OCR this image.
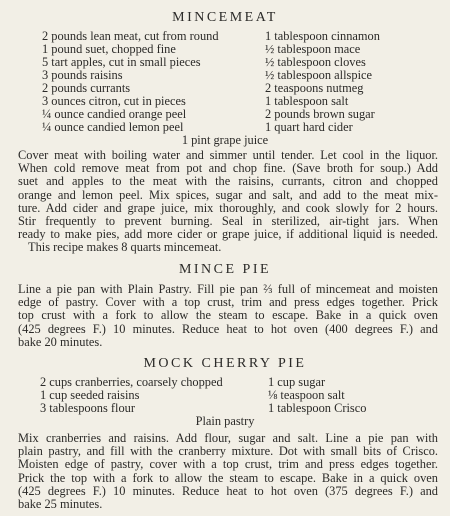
MINCEMEAT
2 pounds lean meat, cut from round
1 pound suet, chopped fine
5 tart apples, cut in small pieces
3 pounds raisins
2 pounds currants
3 ounces citron, cut in pieces
¼ ounce candied orange peel
¼ ounce candied lemon peel
1 tablespoon cinnamon
½ tablespoon mace
½ tablespoon cloves
½ tablespoon allspice
2 teaspoons nutmeg
1 tablespoon salt
2 pounds brown sugar
1 quart hard cider
1 pint grape juice
Cover meat with boiling water and simmer until tender. Let cool in the liquor.
When cold remove meat from pot and chop fine. (Save broth for soup.) Add
suet and apples to the meat with the raisins, currants, citron and chopped
orange and lemon peel. Mix spices, sugar and salt, and add to the meat mix-
ture. Add cider and grape juice, mix thoroughly, and cook slowly for 2 hours.
Stir frequently to prevent burning. Seal in sterilized, air-tight jars. When
ready to make pies, add more cider or grape juice, if additional liquid is needed.
This recipe makes 8 quarts mincemeat.
MINCE PIE
Line a pie pan with Plain Pastry. Fill pie pan ⅔ full of mincemeat and moisten
edge of pastry. Cover with a top crust, trim and press edges together. Prick
top crust with a fork to allow the steam to escape. Bake in a quick oven
(425 degrees F.) 10 minutes. Reduce heat to hot oven (400 degrees F.) and
bake 20 minutes.
MOCK CHERRY PIE
2 cups cranberries, coarsely chopped
1 cup seeded raisins
3 tablespoons flour
1 cup sugar
⅛ teaspoon salt
1 tablespoon Crisco
Plain pastry
Mix cranberries and raisins. Add flour, sugar and salt. Line a pie pan with
plain pastry, and fill with the cranberry mixture. Dot with small bits of Crisco.
Moisten edge of pastry, cover with a top crust, trim and press edges together.
Prick the top with a fork to allow the steam to escape. Bake in a quick oven
(425 degrees F.) 10 minutes. Reduce heat to hot oven (375 degrees F.) and
bake 25 minutes.
